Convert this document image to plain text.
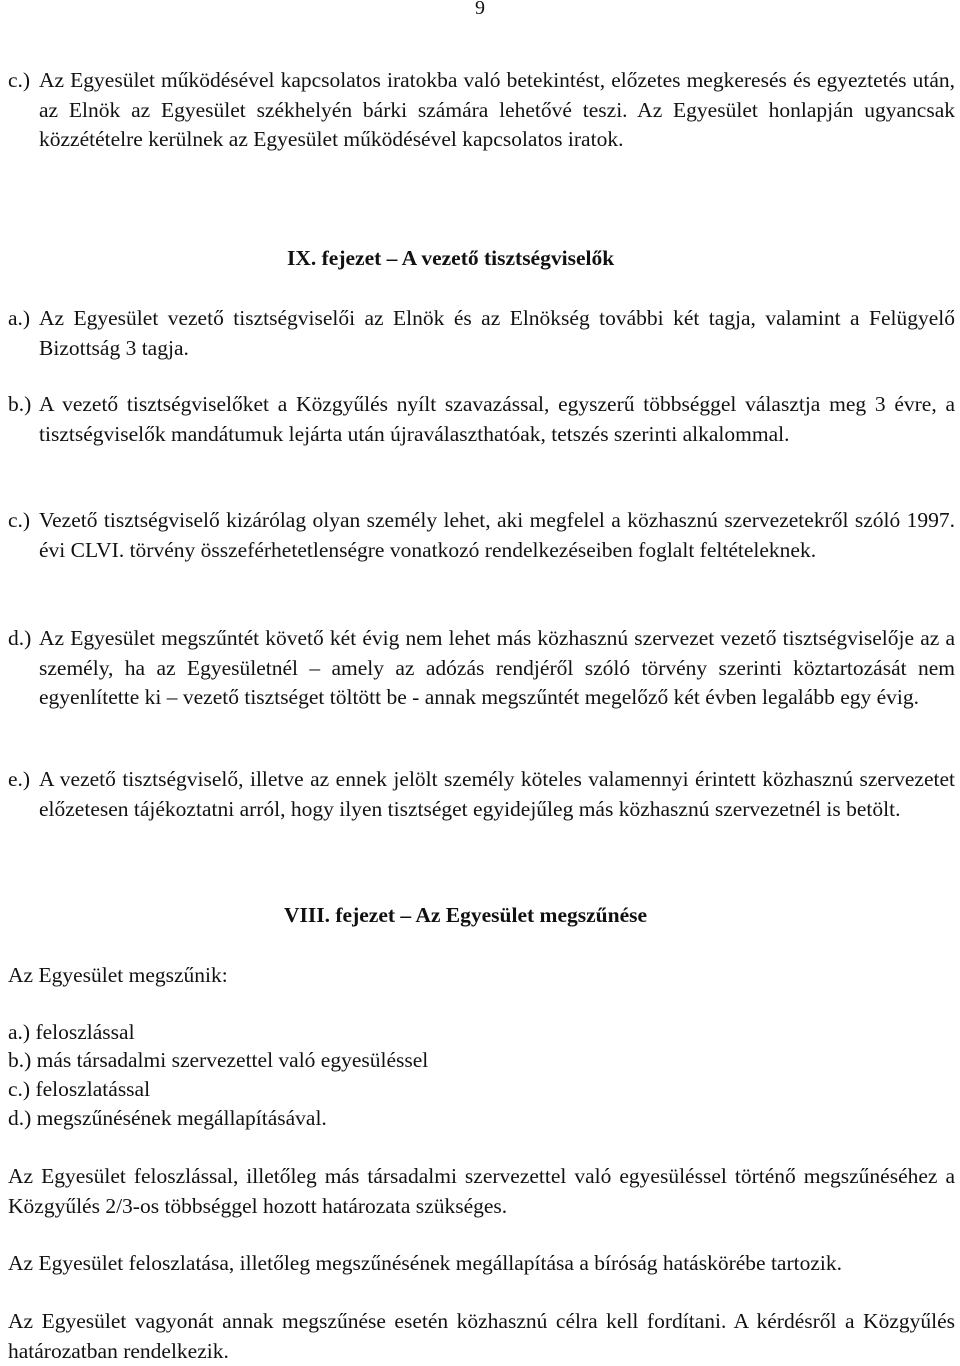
9
c.) Az Egyesület működésével kapcsolatos iratokba való betekintést, előzetes megkeresés és egyeztetés után, az Elnök az Egyesület székhelyén bárki számára lehetővé teszi. Az Egyesület honlapján ugyancsak közzétételre kerülnek az Egyesület működésével kapcsolatos iratok.
IX. fejezet – A vezető tisztségviselők
a.) Az Egyesület vezető tisztségviselői az Elnök és az Elnökség további két tagja, valamint a Felügyelő Bizottság 3 tagja.
b.) A vezető tisztségviselőket a Közgyűlés nyílt szavazással, egyszerű többséggel választja meg 3 évre, a tisztségviselők mandátumuk lejárta után újraválaszthatóak, tetszés szerinti alkalommal.
c.) Vezető tisztségviselő kizárólag olyan személy lehet, aki megfelel a közhasznú szervezetekről szóló 1997. évi CLVI. törvény összeférhetetlenségre vonatkozó rendelkezéseiben foglalt feltételeknek.
d.) Az Egyesület megszűntét követő két évig nem lehet más közhasznú szervezet vezető tisztségviselője az a személy, ha az Egyesületnél – amely az adózás rendjéről szóló törvény szerinti köztartozását nem egyenlítette ki – vezető tisztséget töltött be - annak megszűntét megelőző két évben legalább egy évig.
e.) A vezető tisztségviselő, illetve az ennek jelölt személy köteles valamennyi érintett közhasznú szervezetet előzetesen tájékoztatni arról, hogy ilyen tisztséget egyidejűleg más közhasznú szervezetnél is betölt.
VIII. fejezet – Az Egyesület megszűnése
Az Egyesület megszűnik:
a.) feloszlással
b.) más társadalmi szervezettel való egyesüléssel
c.) feloszlatással
d.) megszűnésének megállapításával.

Az Egyesület feloszlással, illetőleg más társadalmi szervezettel való egyesüléssel történő megszűnéséhez a Közgyűlés 2/3-os többséggel hozott határozata szükséges.

Az Egyesület feloszlatása, illetőleg megszűnésének megállapítása a bíróság hatáskörébe tartozik.

Az Egyesület vagyonát annak megszűnése esetén közhasznú célra kell fordítani. A kérdésről a Közgyűlés határozatban rendelkezik.
